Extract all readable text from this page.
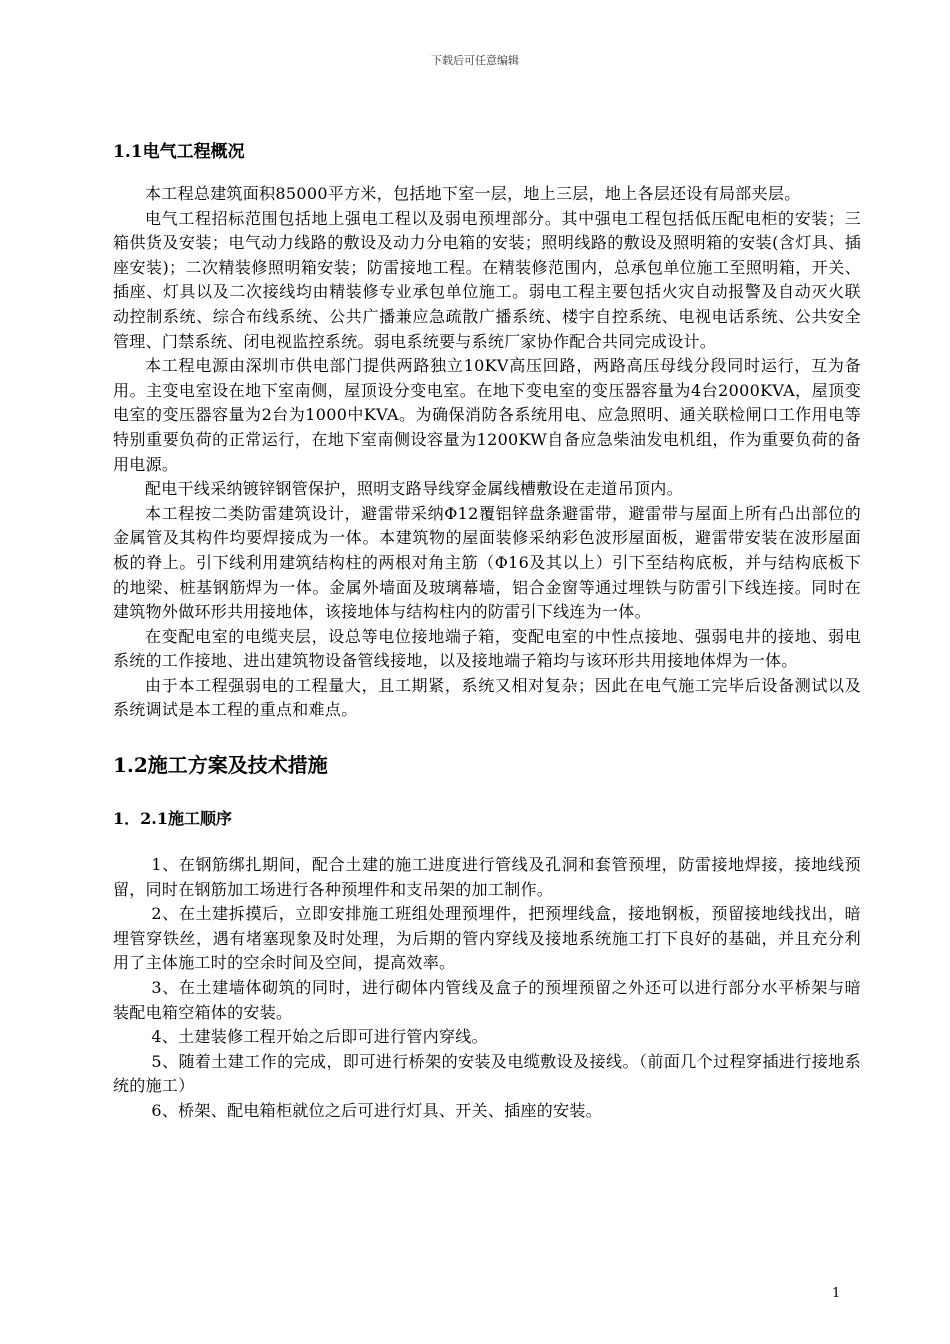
下载后可任意编辑
1.1电气工程概况

本工程总建筑面积85000平方米，包括地下室一层，地上三层，地上各层还设有局部夹层。

电气工程招标范围包括地上强电工程以及弱电预埋部分。其中强电工程包括低压配电柜的安装；三箱供货及安装；电气动力线路的敷设及动力分电箱的安装；照明线路的敷设及照明箱的安装(含灯具、插座安装)；二次精装修照明箱安装；防雷接地工程。在精装修范围内，总承包单位施工至照明箱，开关、插座、灯具以及二次接线均由精装修专业承包单位施工。弱电工程主要包括火灾自动报警及自动灭火联动控制系统、综合布线系统、公共广播兼应急疏散广播系统、楼宇自控系统、电视电话系统、公共安全管理、门禁系统、闭电视监控系统。弱电系统要与系统厂家协作配合共同完成设计。

本工程电源由深圳市供电部门提供两路独立10KV高压回路，两路高压母线分段同时运行，互为备用。主变电室设在地下室南侧，屋顶设分变电室。在地下变电室的变压器容量为4台2000KVA，屋顶变电室的变压器容量为2台为1000中KVA。为确保消防各系统用电、应急照明、通关联检闸口工作用电等特别重要负荷的正常运行，在地下室南侧设容量为1200KW自备应急柴油发电机组，作为重要负荷的备用电源。

配电干线采纳镀锌钢管保护，照明支路导线穿金属线槽敷设在走道吊顶内。

本工程按二类防雷建筑设计，避雷带采纳Φ12覆铝锌盘条避雷带，避雷带与屋面上所有凸出部位的金属管及其构件均要焊接成为一体。本建筑物的屋面装修采纳彩色波形屋面板，避雷带安装在波形屋面板的脊上。引下线利用建筑结构柱的两根对角主筋（Φ16及其以上）引下至结构底板，并与结构底板下的地梁、桩基钢筋焊为一体。金属外墙面及玻璃幕墙，铝合金窗等通过埋铁与防雷引下线连接。同时在建筑物外做环形共用接地体，该接地体与结构柱内的防雷引下线连为一体。

在变配电室的电缆夹层，设总等电位接地端子箱，变配电室的中性点接地、强弱电井的接地、弱电系统的工作接地、进出建筑物设备管线接地，以及接地端子箱均与该环形共用接地体焊为一体。

由于本工程强弱电的工程量大，且工期紧，系统又相对复杂；因此在电气施工完毕后设备测试以及系统调试是本工程的重点和难点。

1.2施工方案及技术措施
1．2.1施工顺序

1、在钢筋绑扎期间，配合土建的施工进度进行管线及孔洞和套管预埋，防雷接地焊接，接地线预留，同时在钢筋加工场进行各种预埋件和支吊架的加工制作。

2、在土建拆摸后，立即安排施工班组处理预埋件，把预埋线盒，接地钢板，预留接地线找出，暗埋管穿铁丝，遇有堵塞现象及时处理，为后期的管内穿线及接地系统施工打下良好的基础，并且充分利用了主体施工时的空余时间及空间，提高效率。

3、在土建墙体砌筑的同时，进行砌体内管线及盒子的预埋预留之外还可以进行部分水平桥架与暗装配电箱空箱体的安装。

4、土建装修工程开始之后即可进行管内穿线。

5、随着土建工作的完成，即可进行桥架的安装及电缆敷设及接线。（前面几个过程穿插进行接地系统的施工）

6、桥架、配电箱柜就位之后可进行灯具、开关、插座的安装。

1
